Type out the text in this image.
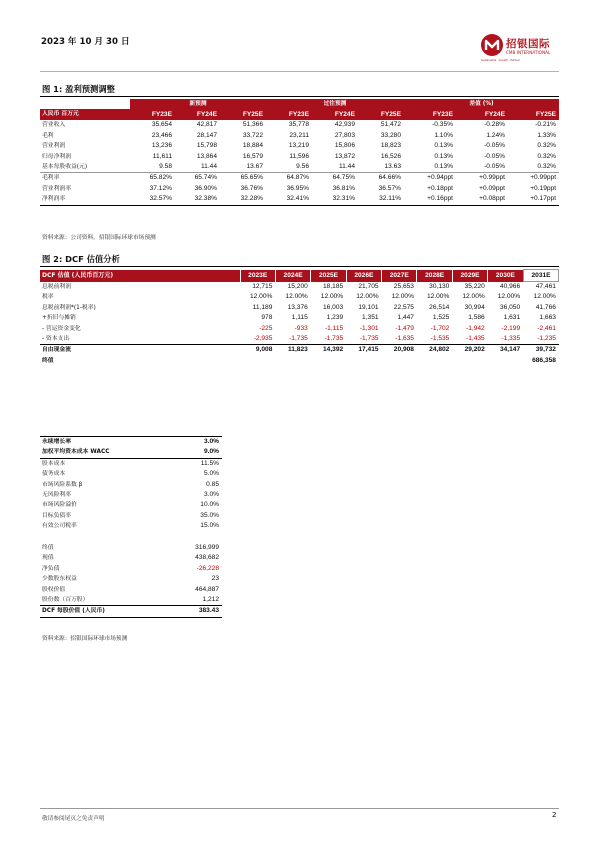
2023 年 10 月 30 日	招银国际
CMB INTERNATIONAL
Sustainable · Growth · Partner
图 1: 盈利预测调整
	新预测			过往预测			差值 (%)		
人民币 百万元	FY23E	FY24E	FY25E	FY23E	FY24E	FY25E	FY23E	FY24E	FY25E
营业收入	35,654	42,817	51,366	35,778	42,939	51,472	-0.35%	-0.28%	-0.21%
毛利	23,466	28,147	33,722	23,211	27,803	33,280	1.10%	1.24%	1.33%
营业利润	13,236	15,798	18,884	13,219	15,806	18,823	0.13%	-0.05%	0.32%
归母净利润	11,611	13,864	16,579	11,596	13,872	16,526	0.13%	-0.05%	0.32%
基本每股收益(元)	9.58	11.44	13.67	9.56	11.44	13.63	0.13%	-0.05%	0.32%
毛利率	65.82%	65.74%	65.65%	64.87%	64.75%	64.66%	+0.94ppt	+0.99ppt	+0.99ppt
营业利润率	37.12%	36.90%	36.76%	36.95%	36.81%	36.57%	+0.18ppt	+0.09ppt	+0.19ppt
净利润率	32.57%	32.38%	32.28%	32.41%	32.31%	32.11%	+0.16ppt	+0.08ppt	+0.17ppt
资料来源：公司资料，招银国际环球市场预测
图 2: DCF 估值分析
DCF 估值 (人民币百万元)	2023E	2024E	2025E	2026E	2027E	2028E	2029E	2030E	2031E
息税前利润	12,715	15,200	18,185	21,705	25,653	30,130	35,220	40,966	47,461
税率	12.00%	12.00%	12.00%	12.00%	12.00%	12.00%	12.00%	12.00%	12.00%
息税前利润*(1-税率)	11,189	13,376	16,003	19,101	22,575	26,514	30,994	36,050	41,766
+折旧与摊销	978	1,115	1,239	1,351	1,447	1,525	1,586	1,631	1,663
- 营运资金变化	-225	-933	-1,115	-1,301	-1,479	-1,702	-1,942	-2,199	-2,461
- 资本支出	-2,935	-1,735	-1,735	-1,735	-1,635	-1,535	-1,435	-1,335	-1,235
自由现金流	9,008	11,823	14,392	17,415	20,908	24,802	29,202	34,147	39,732
终值									686,358
永续增长率	3.0%
加权平均资本成本 WACC	9.0%
股本成本	11.5%
债务成本	5.0%
市场风险系数 β	0.85
无风险利率	3.0%
市场风险溢价	10.0%
目标负债率	35.0%
有效公司税率	15.0%
终值	316,999
现值	438,682
净负债	-26,228
少数股东权益	23
股权价值	464,887
股份数（百万股）	1,212
DCF 每股价值 (人民币)	383.43
资料来源：招银国际环球市场预测
敬请参阅尾页之免责声明	2
